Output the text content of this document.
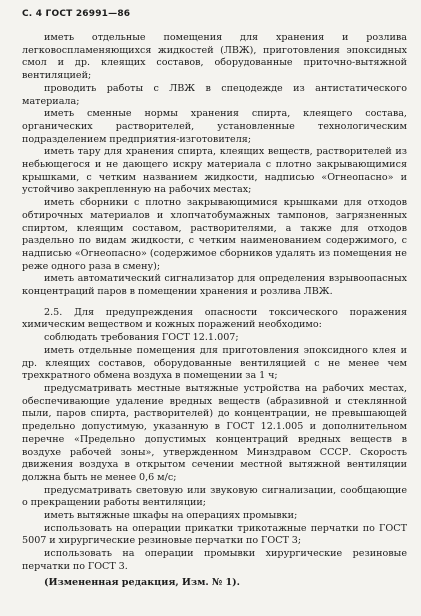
С. 4 ГОСТ 26991—86

иметь отдельные помещения для хранения и розлива легковоспламеняющихся жидкостей (ЛВЖ), приготовления эпоксидных смол и др. клеящих составов, оборудованные приточно-вытяжной вентиляцией;

проводить работы с ЛВЖ в спецодежде из антистатического материала;

иметь сменные нормы хранения спирта, клеящего состава, органических растворителей, установленные технологическим подразделением предприятия-изготовителя;

иметь тару для хранения спирта, клеящих веществ, растворителей из небьющегося и не дающего искру материала с плотно закрывающимися крышками, с четким названием жидкости, надписью «Огнеопасно» и устойчиво закрепленную на рабочих местах;

иметь сборники с плотно закрывающимися крышками для отходов обтирочных материалов и хлопчатобумажных тампонов, загрязненных спиртом, клеящим составом, растворителями, а также для отходов раздельно по видам жидкости, с четким наименованием содержимого, с надписью «Огнеопасно» (содержимое сборников удалять из помещения не реже одного раза в смену);

иметь автоматический сигнализатор для определения взрывоопасных концентраций паров в помещении хранения и розлива ЛВЖ.

2.5. Для предупреждения опасности токсического поражения химическим веществом и кожных поражений необходимо:

соблюдать требования ГОСТ 12.1.007;

иметь отдельные помещения для приготовления эпоксидного клея и др. клеящих составов, оборудованные вентиляцией с не менее чем трехкратного обмена воздуха в помещении за 1 ч;

предусматривать местные вытяжные устройства на рабочих местах, обеспечивающие удаление вредных веществ (абразивной и стеклянной пыли, паров спирта, растворителей) до концентрации, не превышающей предельно допустимую, указанную в ГОСТ 12.1.005 и дополнительном перечне «Предельно допустимых концентраций вредных веществ в воздухе рабочей зоны», утвержденном Минздравом СССР. Скорость движения воздуха в открытом сечении местной вытяжной вентиляции должна быть не менее 0,6 м/с;

предусматривать световую или звуковую сигнализации, сообщающие о прекращении работы вентиляции;

иметь вытяжные шкафы на операциях промывки;

использовать на операции прикатки трикотажные перчатки по ГОСТ 5007 и хирургические резиновые перчатки по ГОСТ 3;

использовать на операции промывки хирургические резиновые перчатки по ГОСТ 3.

(Измененная редакция, Изм. № 1).
